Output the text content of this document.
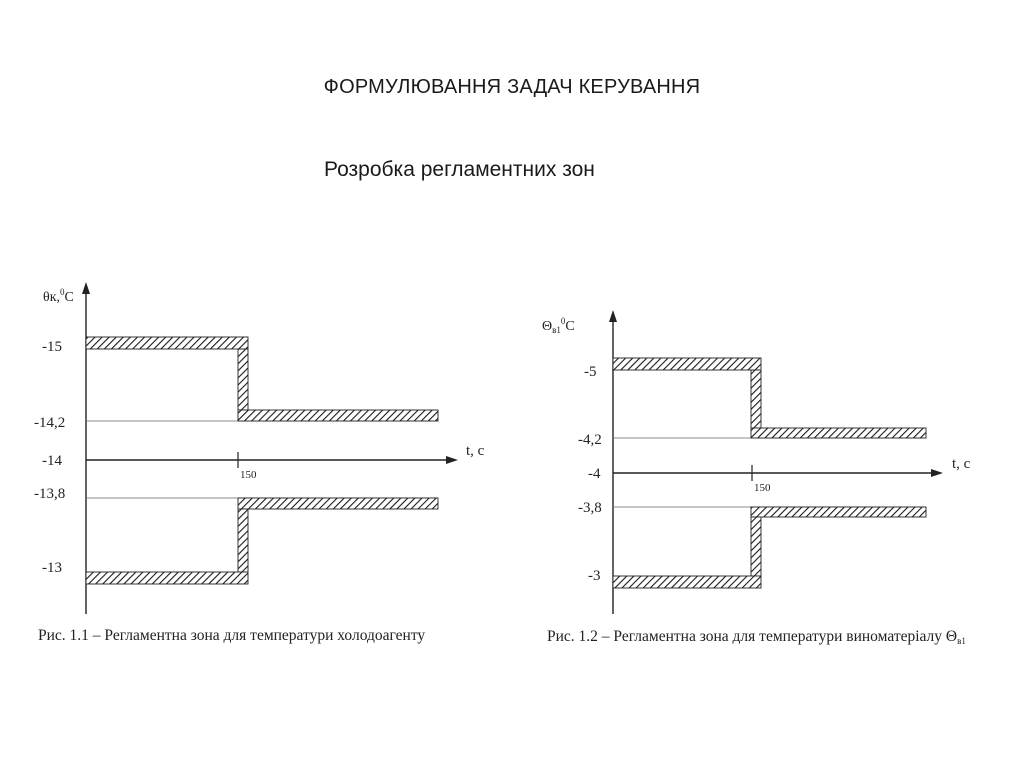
ФОРМУЛЮВАННЯ ЗАДАЧ КЕРУВАННЯ
Розробка регламентних зон
θк,$^0$C
t, с
150
-15
-14,2
-14
-13,8
-13
Рис. 1.1 – Регламентна зона для температури холодоагенту
$\Theta_{в1}^0C$
t, с
150
-5
-4,2
-4
-3,8
-3
Рис. 1.2 – Регламентна зона для температури виноматеріалу Θв1
